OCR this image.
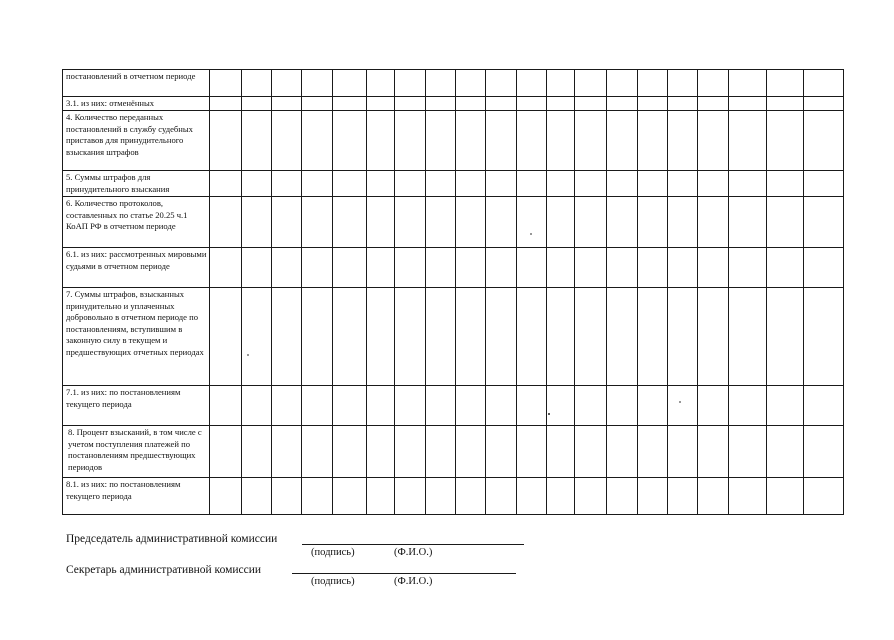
постановлений в отчетном периоде																				
3.1. из них: отменённых																				
4. Количество переданных постановлений в службу судебных приставов для принудительного взыскания штрафов																				
5. Суммы штрафов для принудительного взыскания																				
6. Количество протоколов, составленных по статье 20.25 ч.1 КоАП РФ в отчетном периоде																				
6.1. из них: рассмотренных мировыми судьями в отчетном периоде																				
7. Суммы штрафов, взысканных принудительно и уплаченных добровольно в отчетном периоде по постановлениям, вступившим в законную силу в текущем и предшествующих отчетных периодах																				
7.1. из них: по постановлениям текущего периода																				
8. Процент взысканий, в том числе с учетом поступления платежей по постановлениям предшествующих периодов																				
8.1. из них: по постановлениям текущего периода																				
Председатель административной комиссии
(подпись)	(Ф.И.О.)
Секретарь административной комиссии
(подпись)	(Ф.И.О.)
